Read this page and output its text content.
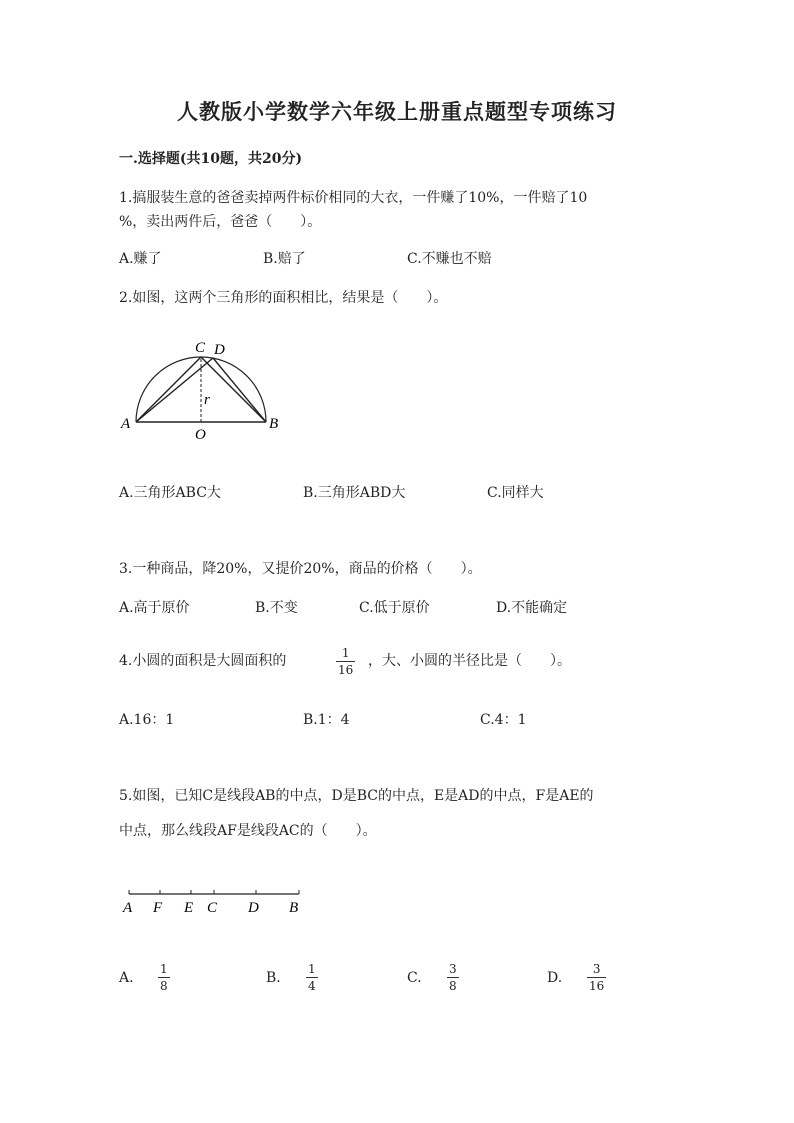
人教版小学数学六年级上册重点题型专项练习
一.选择题(共10题，共20分)
1.搞服装生意的爸爸卖掉两件标价相同的大衣，一件赚了10%，一件赔了10
%，卖出两件后，爸爸（　　）。
A.赚了	B.赔了	C.不赚也不赔
2.如图，这两个三角形的面积相比，结果是（　　）。
A	B
C D
O
r
A.三角形ABC大	B.三角形ABD大	C.同样大
3.一种商品，降20%，又提价20%，商品的价格（　　）。
A.高于原价	B.不变	C.低于原价	D.不能确定
4.小圆的面积是大圆面积的	1
16
，大、小圆的半径比是（　　）。
A.16：1	B.1：4	C.4：1
5.如图，已知C是线段AB的中点，D是BC的中点，E是AD的中点，F是AE的
中点，那么线段AF是线段AC的（　　）。
A F E C D B
A.
1
8	B.
1
4	C.
3
8	D.
3
16
